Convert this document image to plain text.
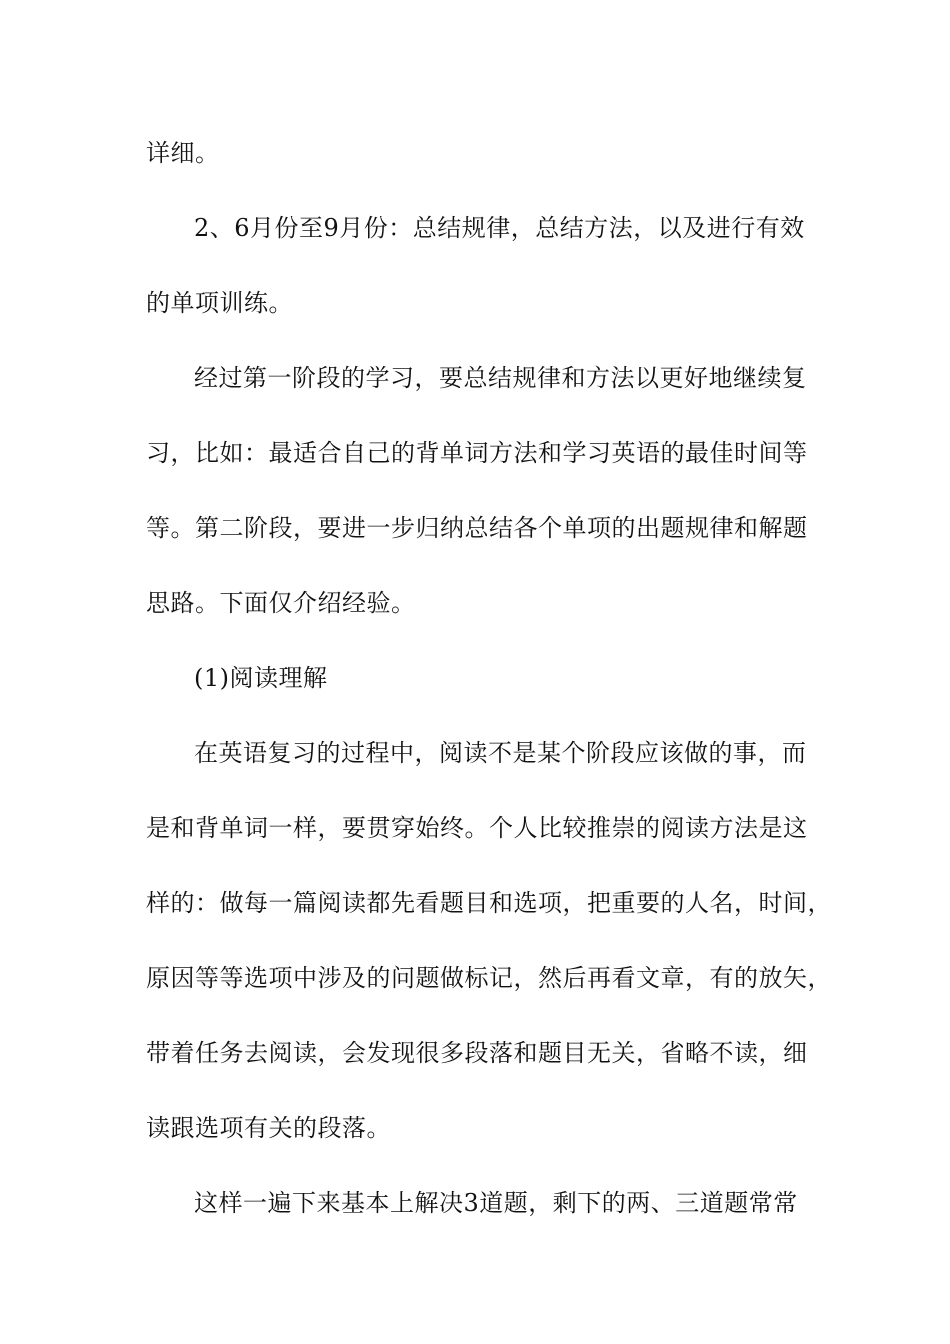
详细。
2、6月份至9月份：总结规律，总结方法，以及进行有效
的单项训练。
经过第一阶段的学习，要总结规律和方法以更好地继续复
习，比如：最适合自己的背单词方法和学习英语的最佳时间等
等。第二阶段，要进一步归纳总结各个单项的出题规律和解题
思路。下面仅介绍经验。
(1)阅读理解
在英语复习的过程中，阅读不是某个阶段应该做的事，而
是和背单词一样，要贯穿始终。个人比较推崇的阅读方法是这
样的：做每一篇阅读都先看题目和选项，把重要的人名，时间，
原因等等选项中涉及的问题做标记，然后再看文章，有的放矢，
带着任务去阅读，会发现很多段落和题目无关，省略不读，细
读跟选项有关的段落。
这样一遍下来基本上解决3道题，剩下的两、三道题常常
